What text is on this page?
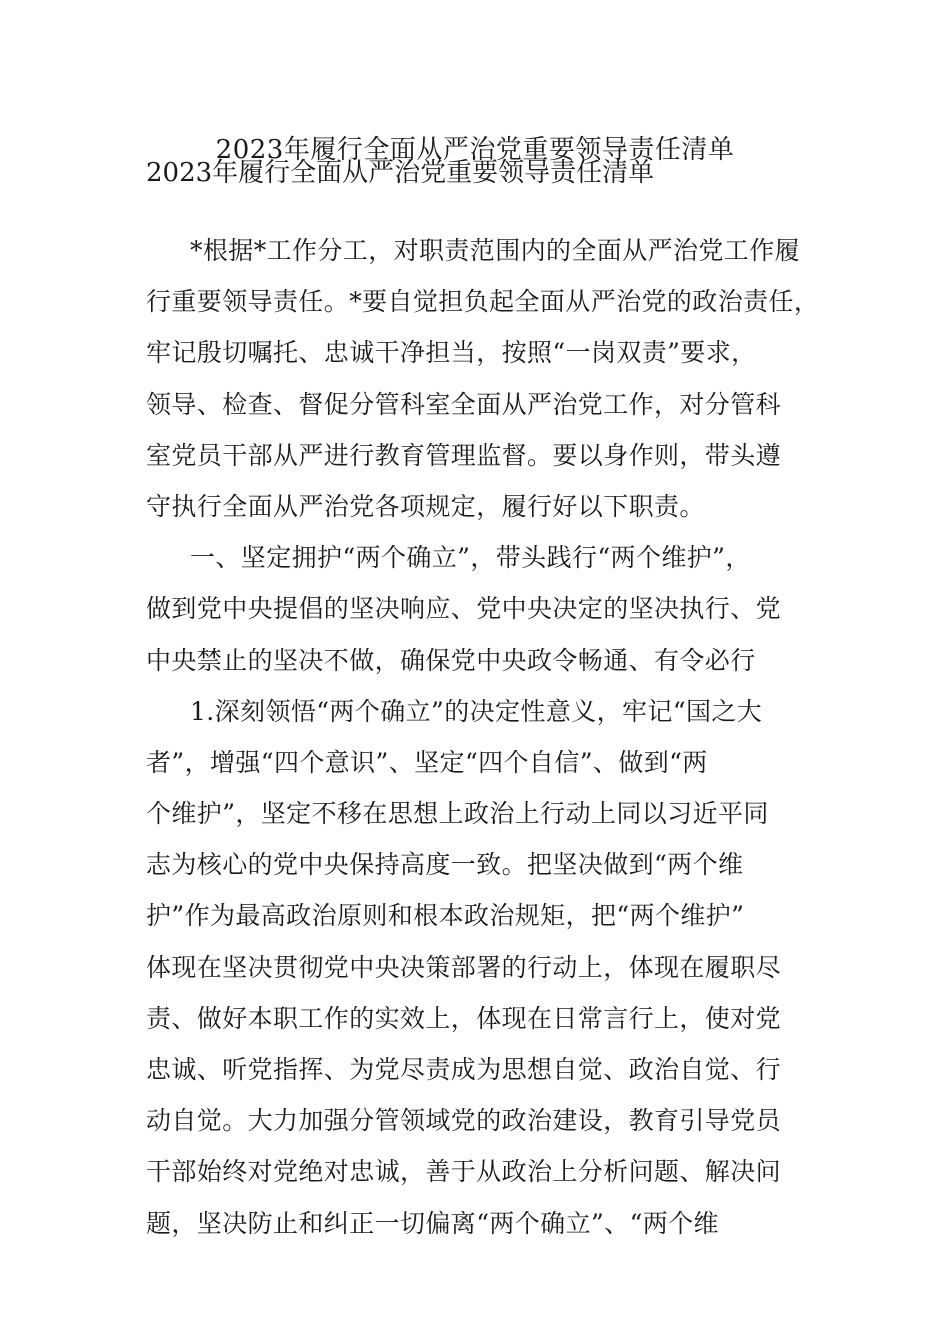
2023年履行全面从严治党重要领导责任清单
2023年履行全面从严治党重要领导责任清单
*根据*工作分工，对职责范围内的全面从严治党工作履
行重要领导责任。*要自觉担负起全面从严治党的政治责任，
牢记殷切嘱托、忠诚干净担当，按照“一岗双责”要求，
领导、检查、督促分管科室全面从严治党工作，对分管科
室党员干部从严进行教育管理监督。要以身作则，带头遵
守执行全面从严治党各项规定，履行好以下职责。
一、坚定拥护“两个确立”，带头践行“两个维护”，
做到党中央提倡的坚决响应、党中央决定的坚决执行、党
中央禁止的坚决不做，确保党中央政令畅通、有令必行
1.深刻领悟“两个确立”的决定性意义，牢记“国之大
者”，增强“四个意识”、坚定“四个自信”、做到“两
个维护”，坚定不移在思想上政治上行动上同以习近平同
志为核心的党中央保持高度一致。把坚决做到“两个维
护”作为最高政治原则和根本政治规矩，把“两个维护”
体现在坚决贯彻党中央决策部署的行动上，体现在履职尽
责、做好本职工作的实效上，体现在日常言行上，使对党
忠诚、听党指挥、为党尽责成为思想自觉、政治自觉、行
动自觉。大力加强分管领域党的政治建设，教育引导党员
干部始终对党绝对忠诚，善于从政治上分析问题、解决问
题，坚决防止和纠正一切偏离“两个确立”、“两个维
